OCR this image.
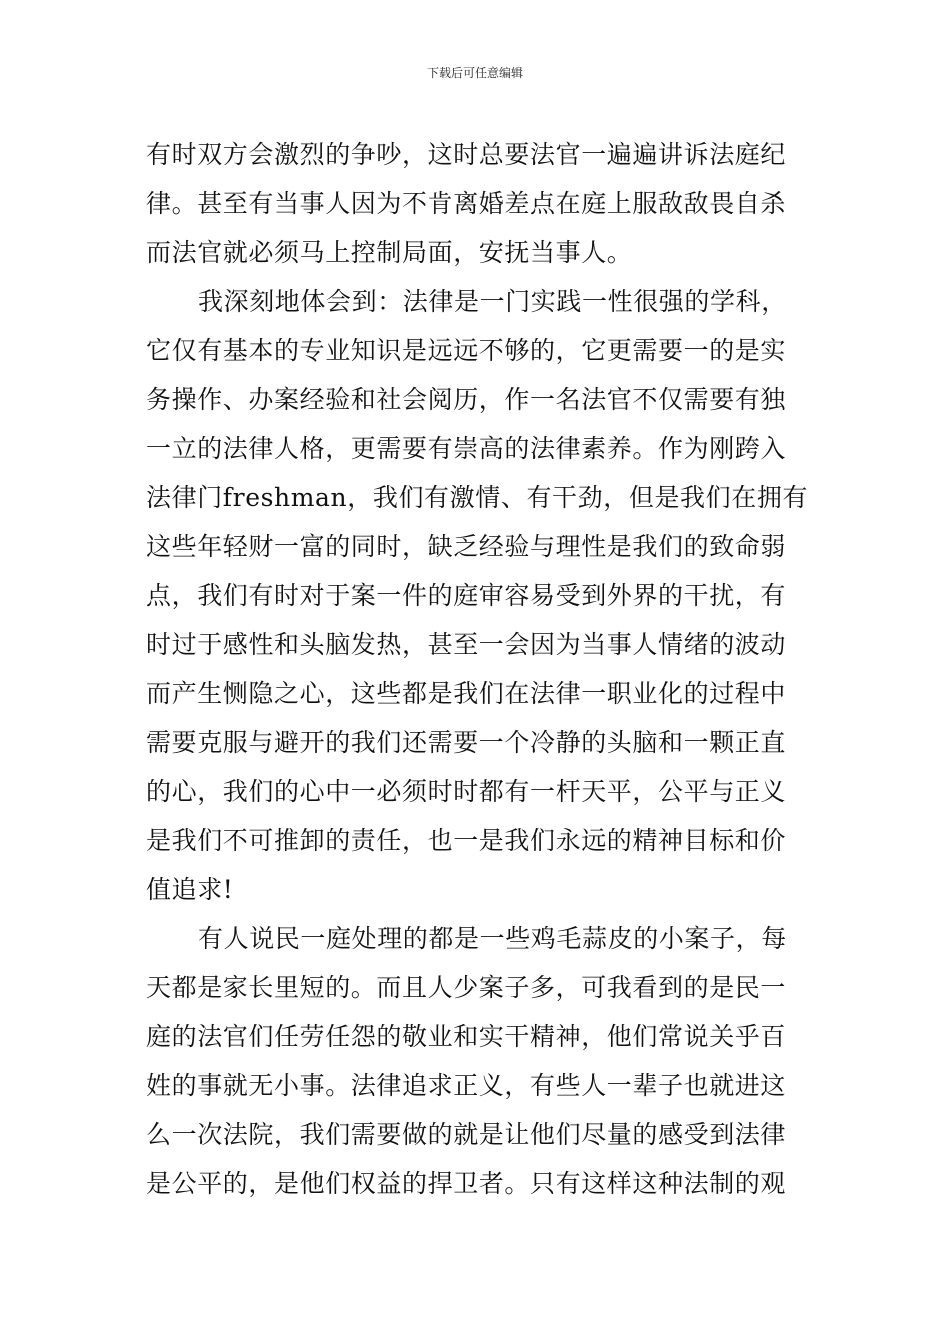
下载后可任意编辑
有时双方会激烈的争吵，这时总要法官一遍遍讲诉法庭纪
律。甚至有当事人因为不肯离婚差点在庭上服敌敌畏自杀
而法官就必须马上控制局面，安抚当事人。
我深刻地体会到：法律是一门实践一性很强的学科，
它仅有基本的专业知识是远远不够的，它更需要一的是实
务操作、办案经验和社会阅历，作一名法官不仅需要有独
一立的法律人格，更需要有崇高的法律素养。作为刚跨入
法律门freshman，我们有激情、有干劲，但是我们在拥有
这些年轻财一富的同时，缺乏经验与理性是我们的致命弱
点，我们有时对于案一件的庭审容易受到外界的干扰，有
时过于感性和头脑发热，甚至一会因为当事人情绪的波动
而产生恻隐之心，这些都是我们在法律一职业化的过程中
需要克服与避开的我们还需要一个冷静的头脑和一颗正直
的心，我们的心中一必须时时都有一杆天平，公平与正义
是我们不可推卸的责任，也一是我们永远的精神目标和价
值追求!
有人说民一庭处理的都是一些鸡毛蒜皮的小案子，每
天都是家长里短的。而且人少案子多，可我看到的是民一
庭的法官们任劳任怨的敬业和实干精神，他们常说关乎百
姓的事就无小事。法律追求正义，有些人一辈子也就进这
么一次法院，我们需要做的就是让他们尽量的感受到法律
是公平的，是他们权益的捍卫者。只有这样这种法制的观
